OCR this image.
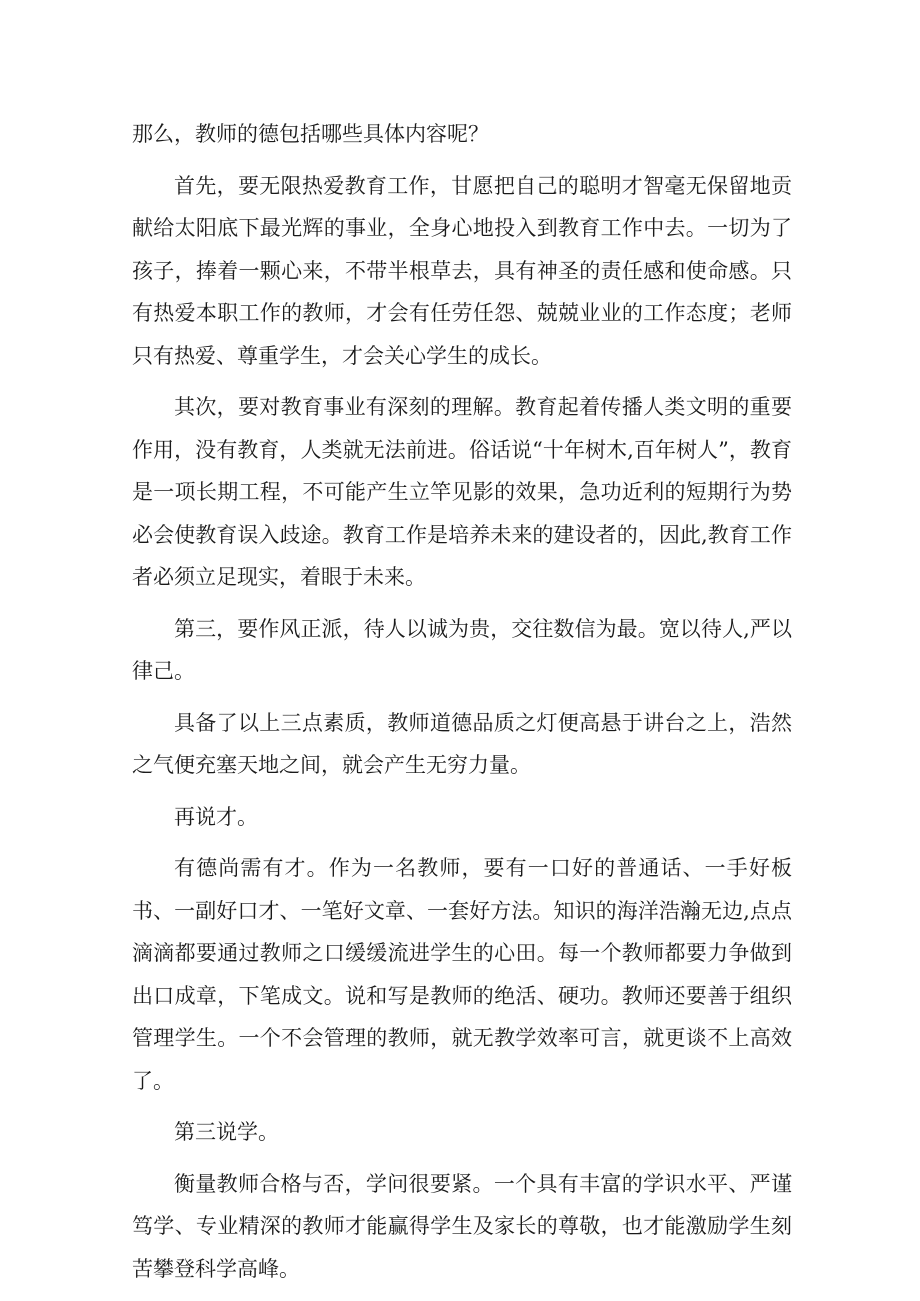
那么，教师的德包括哪些具体内容呢？

首先，要无限热爱教育工作，甘愿把自己的聪明才智毫无保留地贡献给太阳底下最光辉的事业，全身心地投入到教育工作中去。一切为了孩子，捧着一颗心来，不带半根草去，具有神圣的责任感和使命感。只有热爱本职工作的教师，才会有任劳任怨、兢兢业业的工作态度；老师只有热爱、尊重学生，才会关心学生的成长。

其次，要对教育事业有深刻的理解。教育起着传播人类文明的重要作用，没有教育，人类就无法前进。俗话说“十年树木,百年树人”，教育是一项长期工程，不可能产生立竿见影的效果，急功近利的短期行为势必会使教育误入歧途。教育工作是培养未来的建设者的，因此,教育工作者必须立足现实，着眼于未来。

第三，要作风正派，待人以诚为贵，交往数信为最。宽以待人,严以律己。

具备了以上三点素质，教师道德品质之灯便高悬于讲台之上，浩然之气便充塞天地之间，就会产生无穷力量。

再说才。

有德尚需有才。作为一名教师，要有一口好的普通话、一手好板书、一副好口才、一笔好文章、一套好方法。知识的海洋浩瀚无边,点点滴滴都要通过教师之口缓缓流进学生的心田。每一个教师都要力争做到出口成章，下笔成文。说和写是教师的绝活、硬功。教师还要善于组织管理学生。一个不会管理的教师，就无教学效率可言，就更谈不上高效了。

第三说学。

衡量教师合格与否，学问很要紧。一个具有丰富的学识水平、严谨笃学、专业精深的教师才能赢得学生及家长的尊敬，也才能激励学生刻苦攀登科学高峰。
